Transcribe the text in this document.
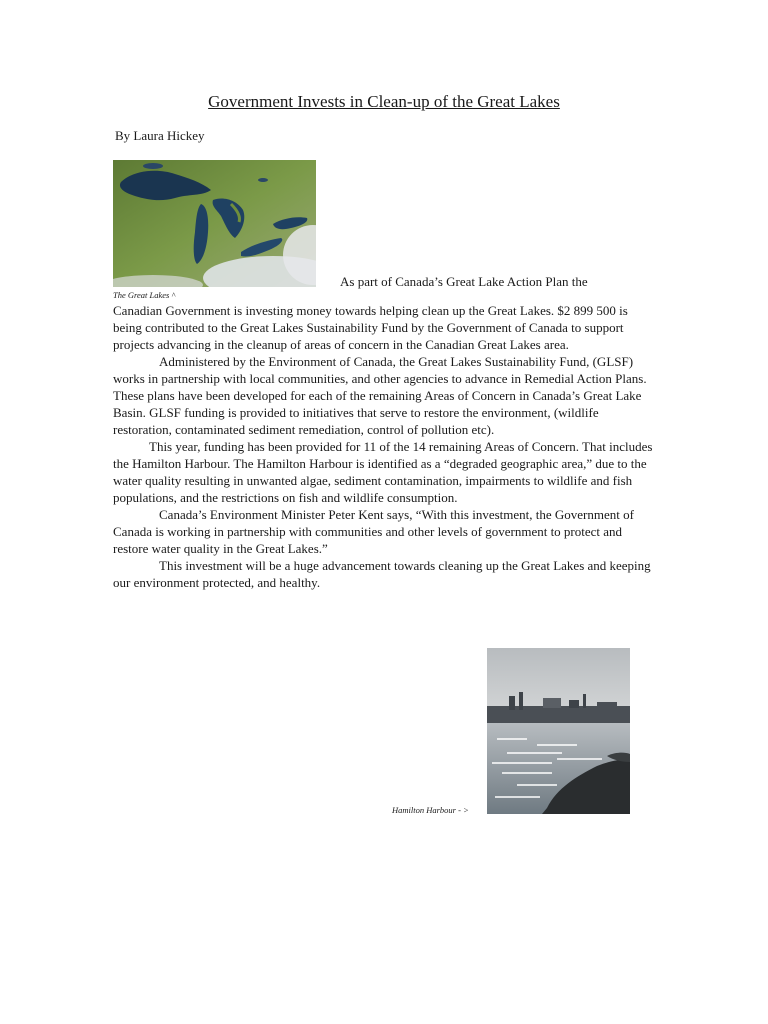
Government Invests in Clean-up of the Great Lakes
By Laura Hickey
As part of Canada’s Great Lake Action Plan the
The Great Lakes ^

Canadian Government is investing money towards helping clean up the Great Lakes. $2 899 500 is being contributed to the Great Lakes Sustainability Fund by the Government of Canada to support projects advancing in the cleanup of areas of concern in the Canadian Great Lakes area.

Administered by the Environment of Canada, the Great Lakes Sustainability Fund, (GLSF) works in partnership with local communities, and other agencies to advance in Remedial Action Plans. These plans have been developed for each of the remaining Areas of Concern in Canada’s Great Lake Basin. GLSF funding is provided to initiatives that serve to restore the environment, (wildlife restoration, contaminated sediment remediation, control of pollution etc).

This year, funding has been provided for 11 of the 14 remaining Areas of Concern. That includes the Hamilton Harbour. The Hamilton Harbour is identified as a “degraded geographic area,” due to the water quality resulting in unwanted algae, sediment contamination, impairments to wildlife and fish populations, and the restrictions on fish and wildlife consumption.

Canada’s Environment Minister Peter Kent says, “With this investment, the Government of Canada is working in partnership with communities and other levels of government to protect and restore water quality in the Great Lakes.”

This investment will be a huge advancement towards cleaning up the Great Lakes and keeping our environment protected, and healthy.

Hamilton Harbour - >
